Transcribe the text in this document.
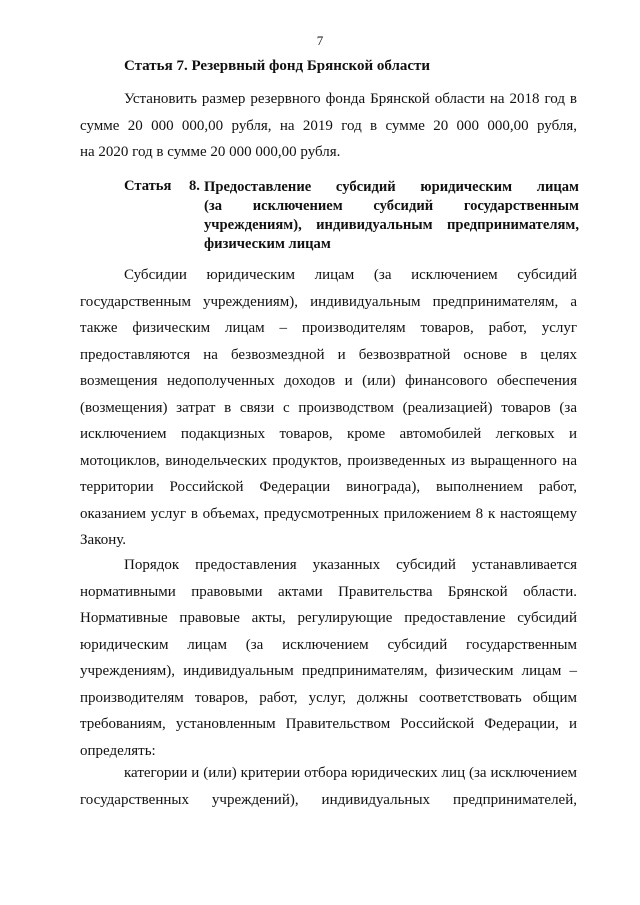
7
Статья 7. Резервный фонд Брянской области
Установить размер резервного фонда Брянской области на 2018 год в
сумме 20 000 000,00 рубля, на 2019 год в сумме 20 000 000,00 рубля,
на 2020 год в сумме 20 000 000,00 рубля.
Статья 8. Предоставление субсидий юридическим лицам
(за исключением субсидий государственным
учреждениям), индивидуальным предпринимателям,
физическим лицам
Субсидии юридическим лицам (за исключением субсидий
государственным учреждениям), индивидуальным предпринимателям, а
также физическим лицам – производителям товаров, работ, услуг
предоставляются на безвозмездной и безвозвратной основе в целях
возмещения недополученных доходов и (или) финансового обеспечения
(возмещения) затрат в связи с производством (реализацией) товаров (за
исключением подакцизных товаров, кроме автомобилей легковых и
мотоциклов, винодельческих продуктов, произведенных из выращенного на
территории Российской Федерации винограда), выполнением работ,
оказанием услуг в объемах, предусмотренных приложением 8 к настоящему
Закону.
Порядок предоставления указанных субсидий устанавливается
нормативными правовыми актами Правительства Брянской области.
Нормативные правовые акты, регулирующие предоставление субсидий
юридическим лицам (за исключением субсидий государственным
учреждениям), индивидуальным предпринимателям, физическим лицам –
производителям товаров, работ, услуг, должны соответствовать общим
требованиям, установленным Правительством Российской Федерации, и
определять:
категории и (или) критерии отбора юридических лиц (за исключением
государственных учреждений), индивидуальных предпринимателей,
